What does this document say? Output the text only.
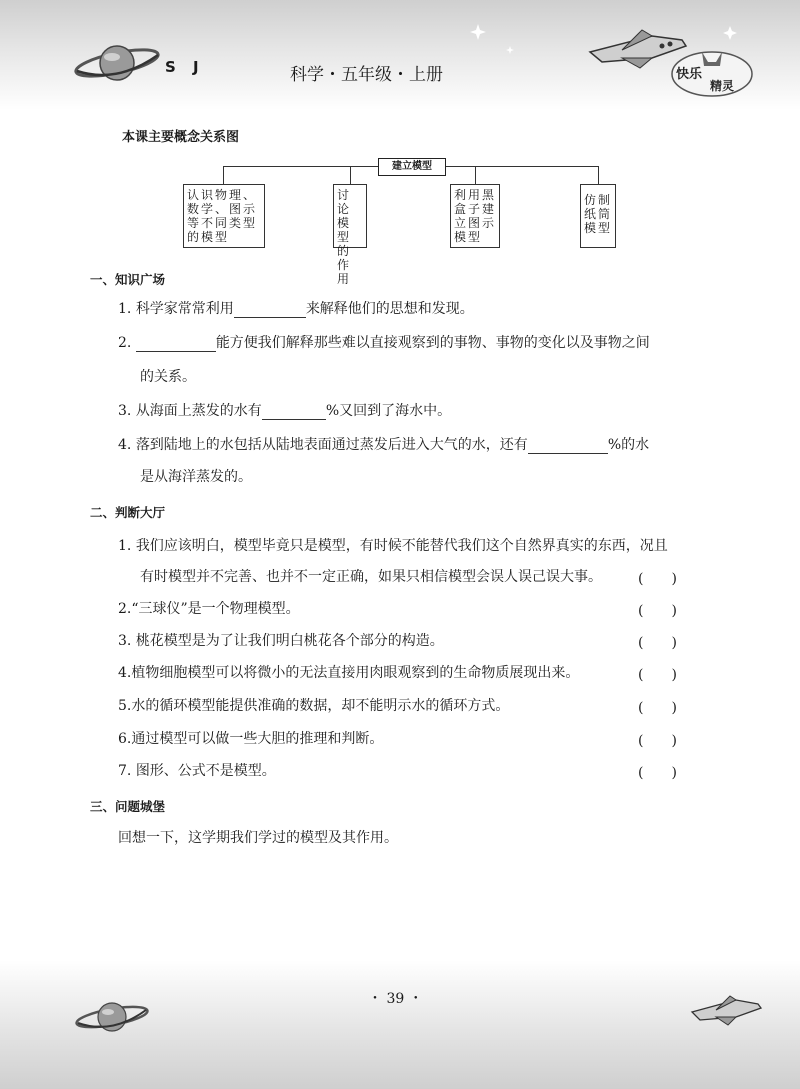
快乐
精灵
S J	科学・五年级・上册
本课主要概念关系图
建立模型
认识物理、
数学、图示
等不同类型
的模型
讨论
模型
的作
用
利用黑
盒子建
立图示
模型
仿制
纸筒
模型
一、知识广场
1. 科学家常常利用	来解释他们的思想和发现。
2.	能方便我们解释那些难以直接观察到的事物、事物的变化以及事物之间
的关系。
3. 从海面上蒸发的水有	%又回到了海水中。
4. 落到陆地上的水包括从陆地表面通过蒸发后进入大气的水，还有	%的水
是从海洋蒸发的。
二、判断大厅
1. 我们应该明白，模型毕竟只是模型，有时候不能替代我们这个自然界真实的东西，况且
有时模型并不完善、也并不一定正确，如果只相信模型会误人误己误大事。	(　　)
2.“三球仪”是一个物理模型。	(　　)
3. 桃花模型是为了让我们明白桃花各个部分的构造。	(　　)
4.植物细胞模型可以将微小的无法直接用肉眼观察到的生命物质展现出来。	(　　)
5.水的循环模型能提供准确的数据，却不能明示水的循环方式。	(　　)
6.通过模型可以做一些大胆的推理和判断。	(　　)
7. 图形、公式不是模型。	(　　)
三、问题城堡
回想一下，这学期我们学过的模型及其作用。
・ 39 ・
